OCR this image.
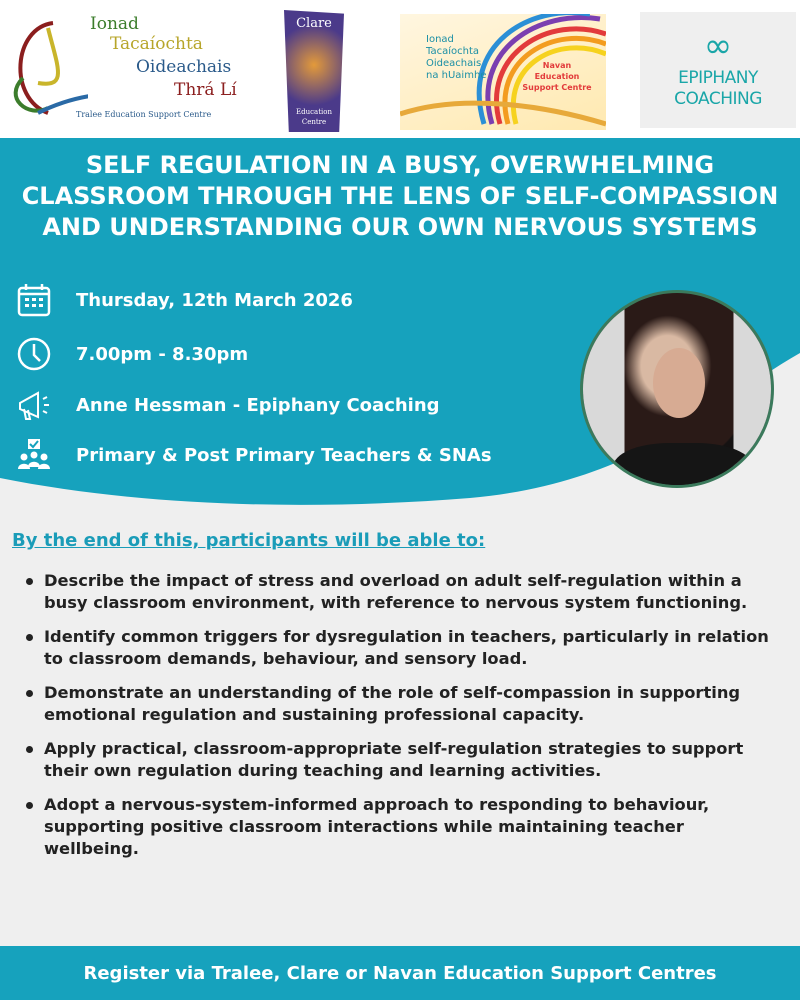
Ionad
Tacaíochta
Oideachais
Thrá Lí
Tralee Education Support Centre
Clare
Education
Centre
Ionad
Tacaíochta
Oideachais
na hUaimhe
Navan
Education
Support Centre
∞
EPIPHANY
COACHING
SELF REGULATION IN A BUSY, OVERWHELMING CLASSROOM THROUGH THE LENS OF SELF-COMPASSION AND UNDERSTANDING OUR OWN NERVOUS SYSTEMS
Thursday, 12th March 2026
7.00pm - 8.30pm
Anne Hessman - Epiphany Coaching
Primary & Post Primary Teachers & SNAs
By the end of this, participants will be able to:
Describe the impact of stress and overload on adult self-regulation within a busy classroom environment, with reference to nervous system functioning.
Identify common triggers for dysregulation in teachers, particularly in relation to classroom demands, behaviour, and sensory load.
Demonstrate an understanding of the role of self-compassion in supporting emotional regulation and sustaining professional capacity.
Apply practical, classroom-appropriate self-regulation strategies to support their own regulation during teaching and learning activities.
Adopt a nervous-system-informed approach to responding to behaviour, supporting positive classroom interactions while maintaining teacher wellbeing.
Register via Tralee, Clare or Navan Education Support Centres
